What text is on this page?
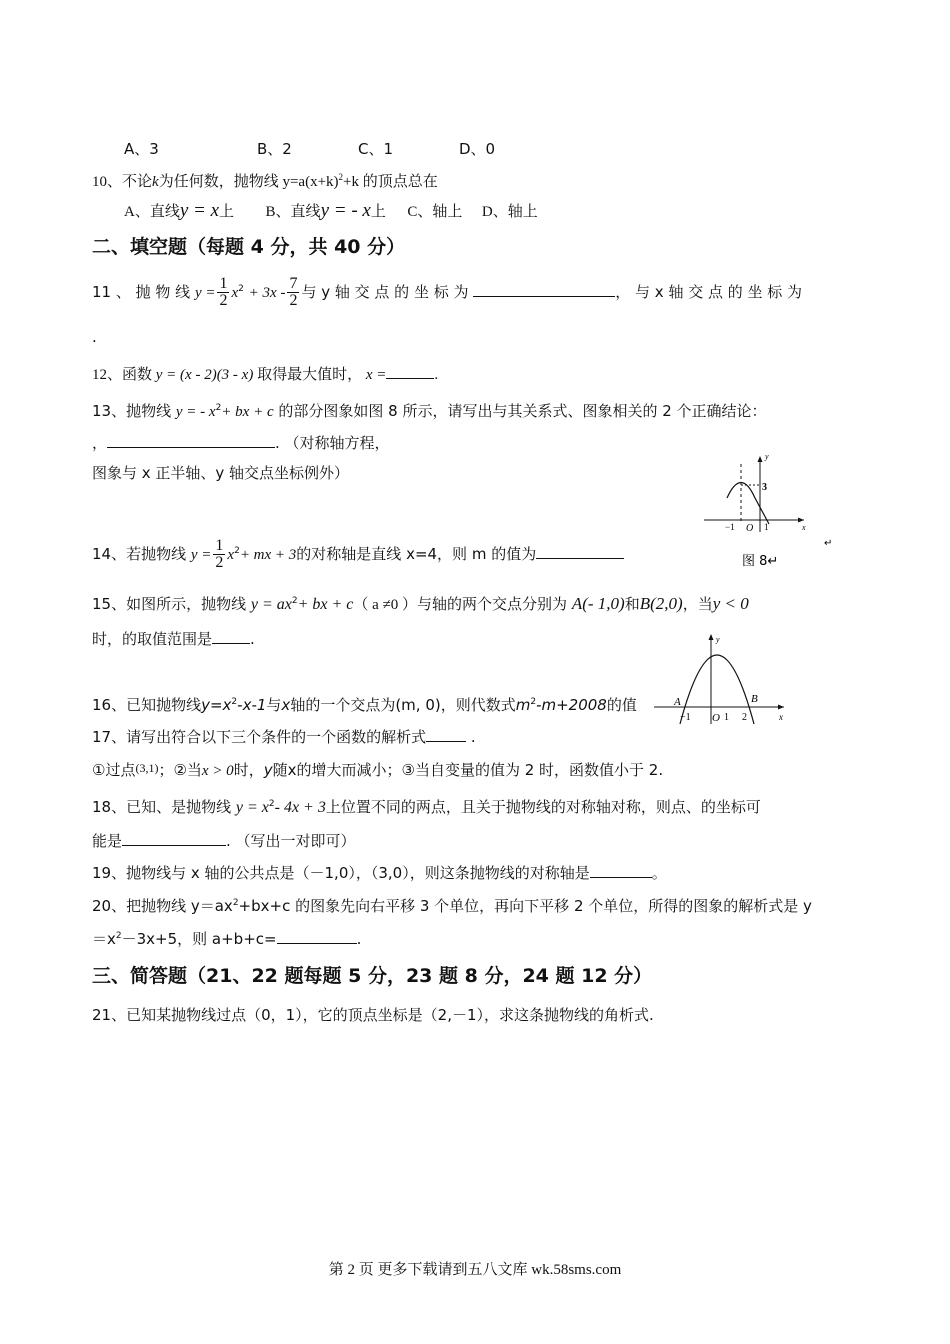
A、3	B、2	C、1	D、0
10、不论k为任何数，抛物线 $y=a(x+k)^2+k$ 的顶点总在
A、直线y = x上 B、直线y = - x上 C、轴上 D、轴上
二、填空题（每题 4 分，共 40 分）
11 、 抛 物 线 $y = \frac{1}{2} x^2 + 3x - \frac{7}{2}$ 与 y 轴 交 点 的 坐 标 为	， 与 x 轴 交 点 的 坐 标 为
.
12、函数 y = (x - 2)(3 - x) 取得最大值时， x =	.
13、抛物线 y = - $x^2+$ bx + c 的部分图象如图 8 所示，请写出与其关系式、图象相关的 2 个正确结论：
，	. （对称轴方程，
图象与 x 正半轴、y 轴交点坐标例外）
y
x
3
−1 O 1
图 8↵
↵
14、若抛物线 $y = \frac{1}{2} x^2+$ mx + 3的对称轴是直线 x=4，则 m 的值为
15、如图所示，抛物线 $y = ax^2+$ bx + c（ a ≠0 ）与轴的两个交点分别为 A(- 1,0)和B(2,0)，当y < 0
时，的取值范围是	.	y
x
A	B
−1 O 1 2
16、已知抛物线$y=x^2-x-1$与x轴的一个交点为(m, 0)，则代数式$m^2-m+2008$的值
17、请写出符合以下三个条件的一个函数的解析式	.
①过点$^{(3,1)}$；②当x > 0时，y随x的增大而减小；③当自变量的值为 2 时，函数值小于 2.
18、已知、是抛物线 $y = x^2-$ 4x + 3上位置不同的两点，且关于抛物线的对称轴对称，则点、的坐标可
能是	. （写出一对即可）
19、抛物线与 x 轴的公共点是（－1,0），（3,0），则这条抛物线的对称轴是	。
20、把抛物线 $y=ax^2+bx+c$ 的图象先向右平移 3 个单位，再向下平移 2 个单位，所得的图象的解析式是 y
$=x^2-3x+5$，则 a+b+c=	.
三、简答题（21、22 题每题 5 分，23 题 8 分，24 题 12 分）
21、已知某抛物线过点（0，1），它的顶点坐标是（2,－1），求这条抛物线的角析式.
第 2 页 更多下载请到五八文库 wk.58sms.com
